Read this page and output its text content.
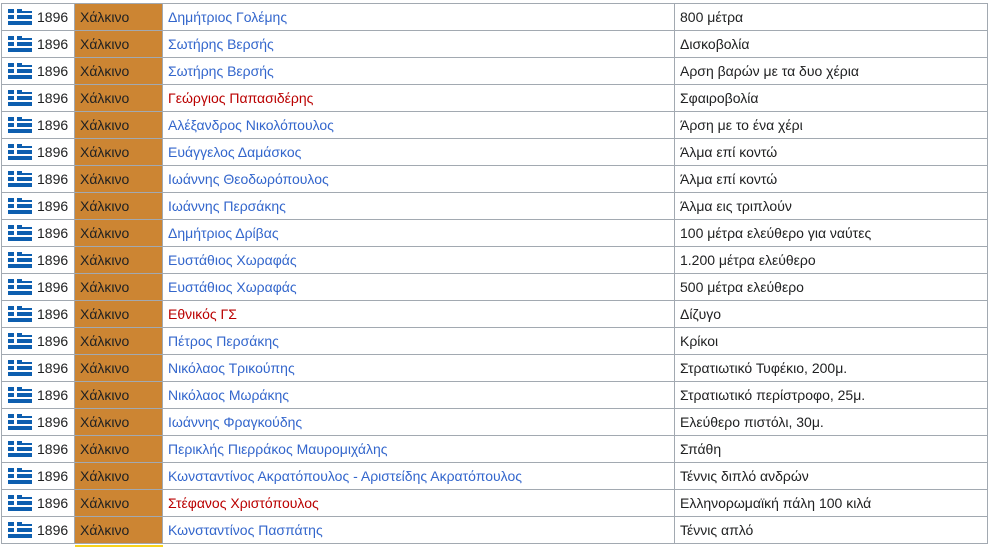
1896	Χάλκινο	Δημήτριος Γολέμης	800 μέτρα

1896	Χάλκινο	Σωτήρης Βερσής	Δισκοβολία

1896	Χάλκινο	Σωτήρης Βερσής	Αρση βαρών με τα δυο χέρια

1896	Χάλκινο	Γεώργιος Παπασιδέρης	Σφαιροβολία

1896	Χάλκινο	Αλέξανδρος Νικολόπουλος	Άρση με το ένα χέρι

1896	Χάλκινο	Ευάγγελος Δαμάσκος	Άλμα επί κοντώ

1896	Χάλκινο	Ιωάννης Θεοδωρόπουλος	Άλμα επί κοντώ

1896	Χάλκινο	Ιωάννης Περσάκης	Άλμα εις τριπλούν

1896	Χάλκινο	Δημήτριος Δρίβας	100 μέτρα ελεύθερο για ναύτες

1896	Χάλκινο	Ευστάθιος Χωραφάς	1.200 μέτρα ελεύθερο

1896	Χάλκινο	Ευστάθιος Χωραφάς	500 μέτρα ελεύθερο

1896	Χάλκινο	Εθνικός ΓΣ	Δίζυγο

1896	Χάλκινο	Πέτρος Περσάκης	Κρίκοι

1896	Χάλκινο	Νικόλαος Τρικούπης	Στρατιωτικό Τυφέκιο, 200μ.

1896	Χάλκινο	Νικόλαος Μωράκης	Στρατιωτικό περίστροφο, 25μ.

1896	Χάλκινο	Ιωάννης Φραγκούδης	Ελεύθερο πιστόλι, 30μ.

1896	Χάλκινο	Περικλής Πιερράκος Μαυρομιχάλης	Σπάθη

1896	Χάλκινο	Κωνσταντίνος Ακρατόπουλος - Αριστείδης Ακρατόπουλος	Τέννις διπλό ανδρών

1896	Χάλκινο	Στέφανος Χριστόπουλος	Ελληνορωμαϊκή πάλη 100 κιλά

1896	Χάλκινο	Κωνσταντίνος Πασπάτης	Τέννις απλό
